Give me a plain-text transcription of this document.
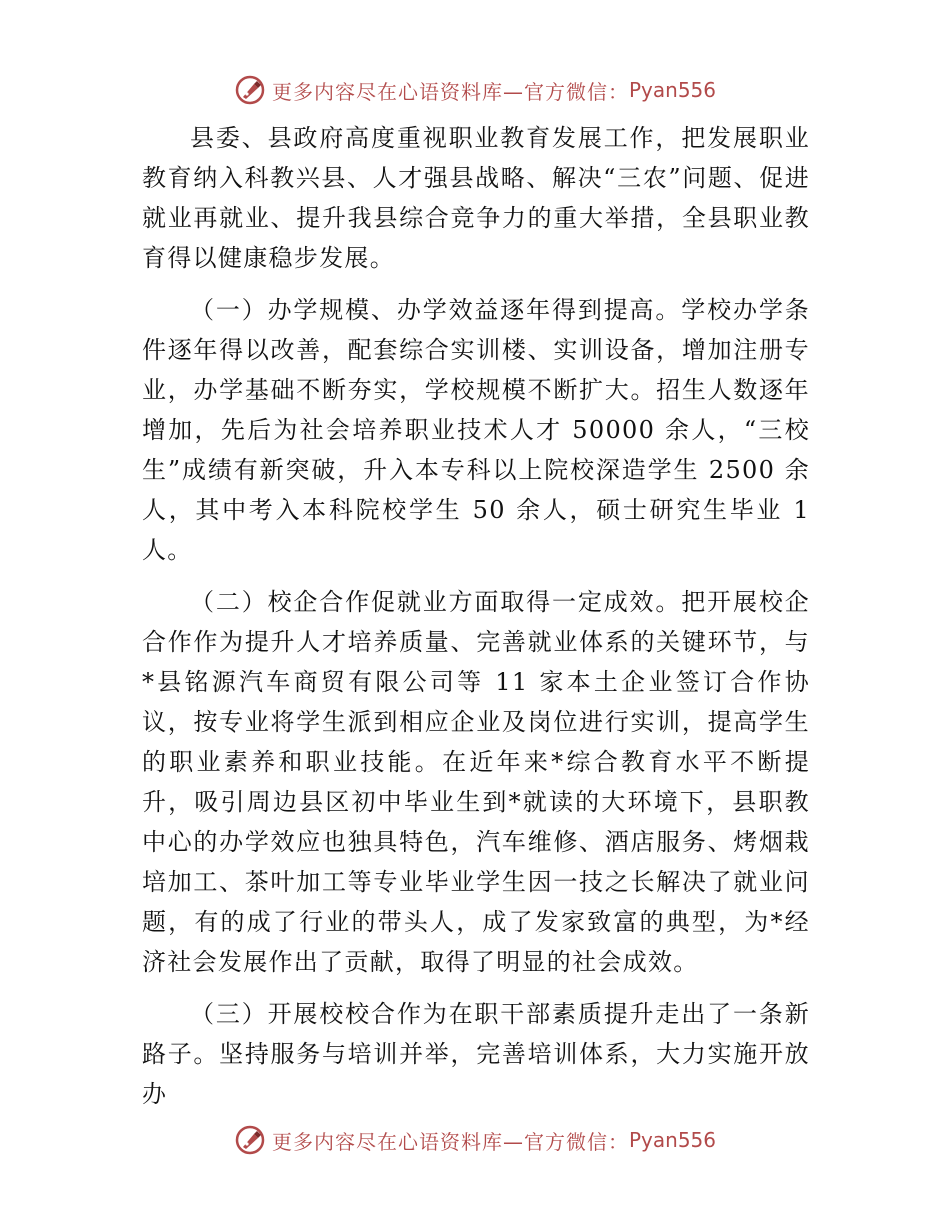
更多内容尽在心语资料库—官方微信： Pyan556

县委、县政府高度重视职业教育发展工作，把发展职业教育纳入科教兴县、人才强县战略、解决“三农”问题、促进就业再就业、提升我县综合竞争力的重大举措，全县职业教育得以健康稳步发展。

（一）办学规模、办学效益逐年得到提高。学校办学条件逐年得以改善，配套综合实训楼、实训设备，增加注册专业，办学基础不断夯实，学校规模不断扩大。招生人数逐年增加，先后为社会培养职业技术人才 50000 余人，“三校生”成绩有新突破，升入本专科以上院校深造学生 2500 余人，其中考入本科院校学生 50 余人，硕士研究生毕业 1 人。

（二）校企合作促就业方面取得一定成效。把开展校企合作作为提升人才培养质量、完善就业体系的关键环节，与*县铭源汽车商贸有限公司等 11 家本土企业签订合作协议，按专业将学生派到相应企业及岗位进行实训，提高学生的职业素养和职业技能。在近年来*综合教育水平不断提升，吸引周边县区初中毕业生到*就读的大环境下，县职教中心的办学效应也独具特色，汽车维修、酒店服务、烤烟栽培加工、茶叶加工等专业毕业学生因一技之长解决了就业问题，有的成了行业的带头人，成了发家致富的典型，为*经济社会发展作出了贡献，取得了明显的社会成效。

（三）开展校校合作为在职干部素质提升走出了一条新路子。坚持服务与培训并举，完善培训体系，大力实施开放办

更多内容尽在心语资料库—官方微信： Pyan556
